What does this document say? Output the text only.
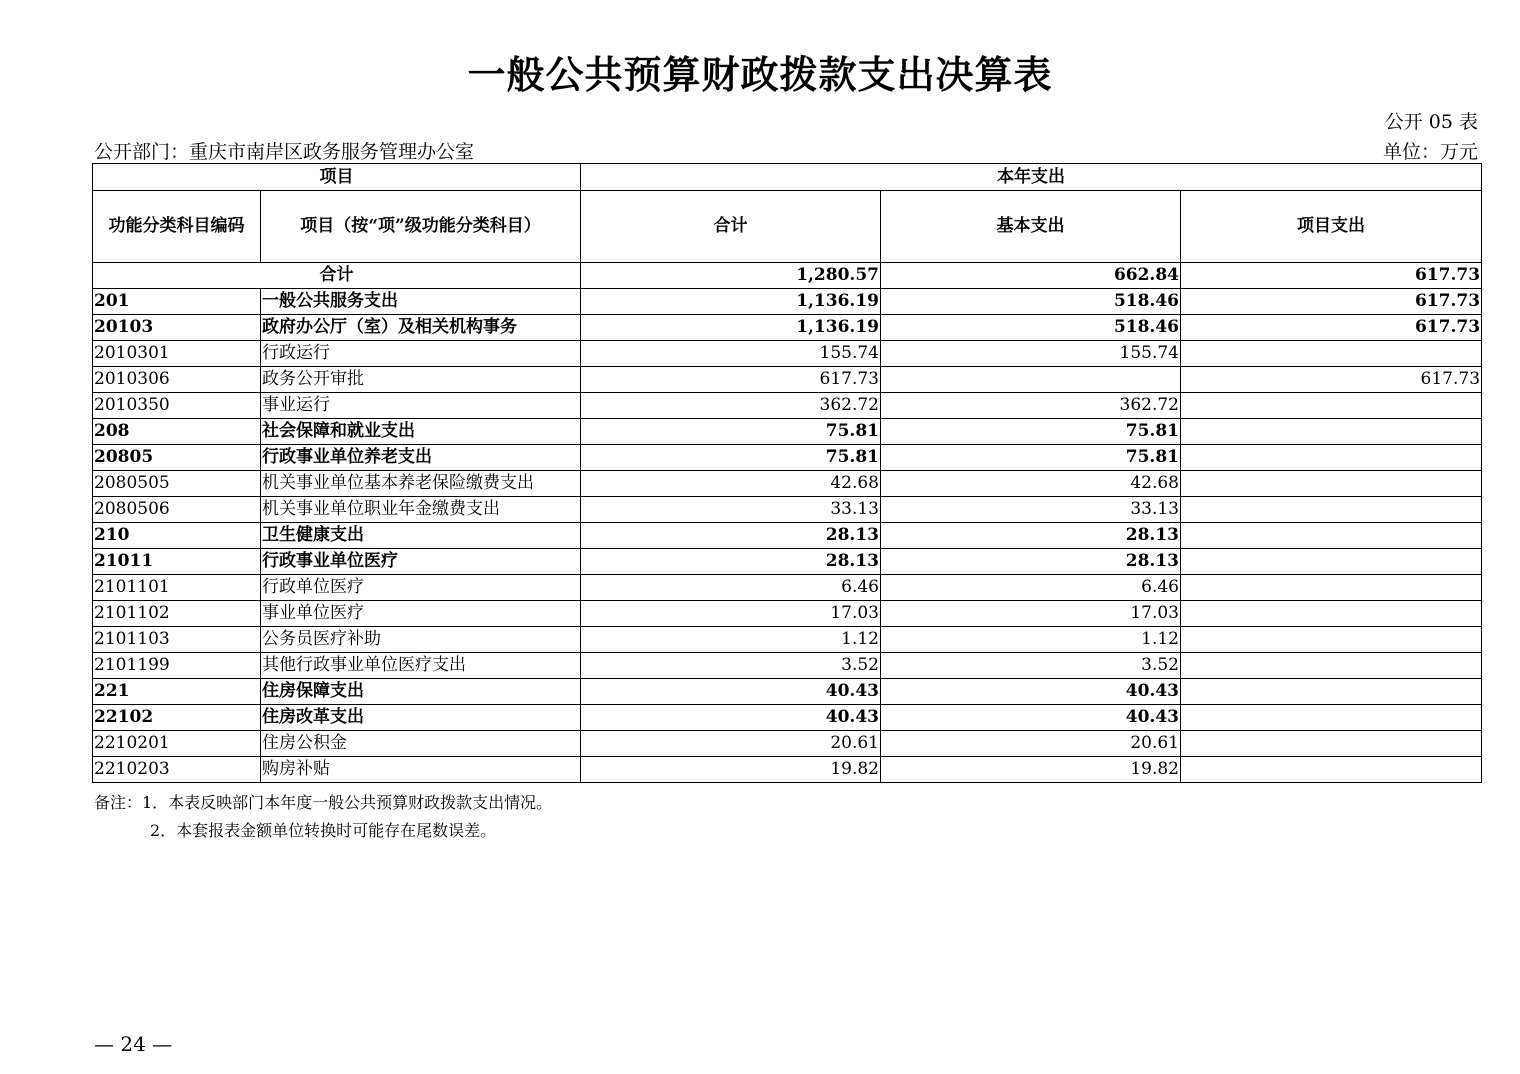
一般公共预算财政拨款支出决算表
公开 05 表
公开部门：重庆市南岸区政务服务管理办公室	单位：万元
项目		本年支出		
功能分类科目编码	项目（按“项”级功能分类科目）	合计	基本支出	项目支出
合计		1,280.57	662.84	617.73
201	一般公共服务支出	1,136.19	518.46	617.73
20103	政府办公厅（室）及相关机构事务	1,136.19	518.46	617.73
2010301	行政运行	155.74	155.74	
2010306	政务公开审批	617.73		617.73
2010350	事业运行	362.72	362.72	
208	社会保障和就业支出	75.81	75.81	
20805	行政事业单位养老支出	75.81	75.81	
2080505	机关事业单位基本养老保险缴费支出	42.68	42.68	
2080506	机关事业单位职业年金缴费支出	33.13	33.13	
210	卫生健康支出	28.13	28.13	
21011	行政事业单位医疗	28.13	28.13	
2101101	行政单位医疗	6.46	6.46	
2101102	事业单位医疗	17.03	17.03	
2101103	公务员医疗补助	1.12	1.12	
2101199	其他行政事业单位医疗支出	3.52	3.52	
221	住房保障支出	40.43	40.43	
22102	住房改革支出	40.43	40.43	
2210201	住房公积金	20.61	20.61	
2210203	购房补贴	19.82	19.82	
备注：1．本表反映部门本年度一般公共预算财政拨款支出情况。
2．本套报表金额单位转换时可能存在尾数误差。
— 24 —
